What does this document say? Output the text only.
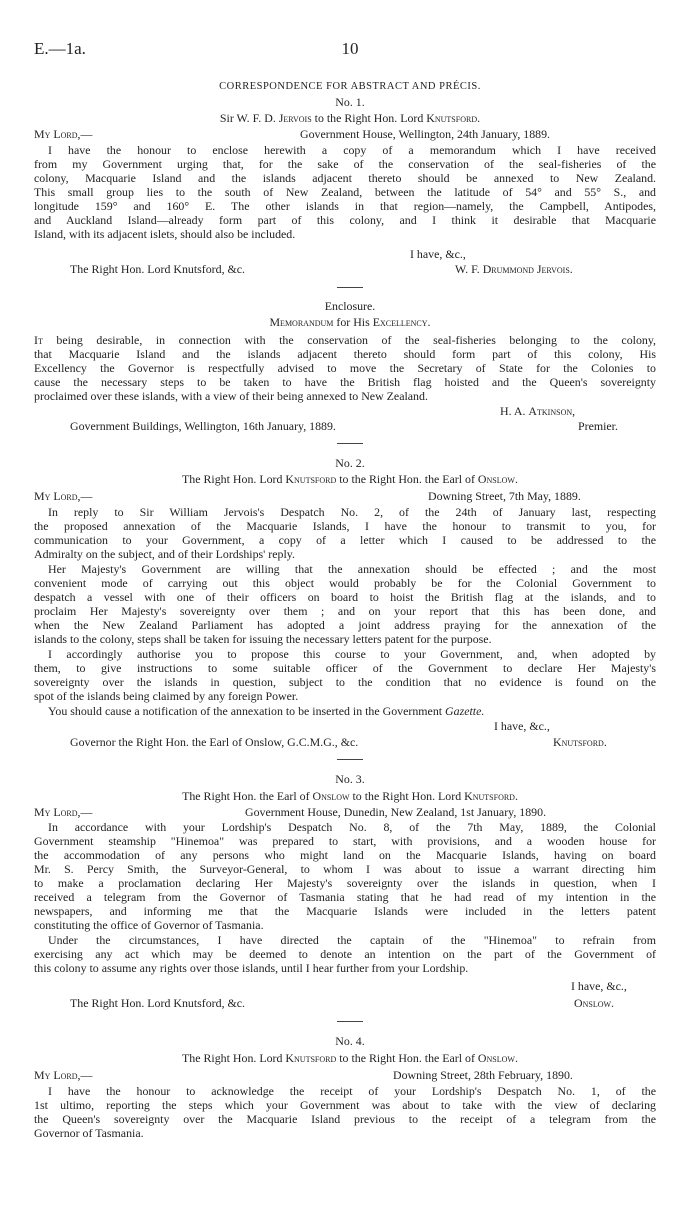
E.—1a.	10
CORRESPONDENCE FOR ABSTRACT AND PRÉCIS.
No. 1.
Sir W. F. D. Jervois to the Right Hon. Lord Knutsford.
My Lord,—	Government House, Wellington, 24th January, 1889.
I have the honour to enclose herewith a copy of a memorandum which I have received
from my Government urging that, for the sake of the conservation of the seal-fisheries of the
colony, Macquarie Island and the islands adjacent thereto should be annexed to New Zealand.
This small group lies to the south of New Zealand, between the latitude of 54° and 55° S., and
longitude 159° and 160° E. The other islands in that region—namely, the Campbell, Antipodes,
and Auckland Island—already form part of this colony, and I think it desirable that Macquarie
Island, with its adjacent islets, should also be included.
I have, &c.,
The Right Hon. Lord Knutsford, &c.	W. F. Drummond Jervois.
Enclosure.
Memorandum for His Excellency.
It being desirable, in connection with the conservation of the seal-fisheries belonging to the colony,
that Macquarie Island and the islands adjacent thereto should form part of this colony, His
Excellency the Governor is respectfully advised to move the Secretary of State for the Colonies to
cause the necessary steps to be taken to have the British flag hoisted and the Queen's sovereignty
proclaimed over these islands, with a view of their being annexed to New Zealand.
H. A. Atkinson,
Government Buildings, Wellington, 16th January, 1889.	Premier.
No. 2.
The Right Hon. Lord Knutsford to the Right Hon. the Earl of Onslow.
My Lord,—	Downing Street, 7th May, 1889.
In reply to Sir William Jervois's Despatch No. 2, of the 24th of January last, respecting
the proposed annexation of the Macquarie Islands, I have the honour to transmit to you, for
communication to your Government, a copy of a letter which I caused to be addressed to the
Admiralty on the subject, and of their Lordships' reply.
Her Majesty's Government are willing that the annexation should be effected ; and the most
convenient mode of carrying out this object would probably be for the Colonial Government to
despatch a vessel with one of their officers on board to hoist the British flag at the islands, and to
proclaim Her Majesty's sovereignty over them ; and on your report that this has been done, and
when the New Zealand Parliament has adopted a joint address praying for the annexation of the
islands to the colony, steps shall be taken for issuing the necessary letters patent for the purpose.
I accordingly authorise you to propose this course to your Government, and, when adopted by
them, to give instructions to some suitable officer of the Government to declare Her Majesty's
sovereignty over the islands in question, subject to the condition that no evidence is found on the
spot of the islands being claimed by any foreign Power.
You should cause a notification of the annexation to be inserted in the Government Gazette.
I have, &c.,
Governor the Right Hon. the Earl of Onslow, G.C.M.G., &c.	Knutsford.
No. 3.
The Right Hon. the Earl of Onslow to the Right Hon. Lord Knutsford.
My Lord,—	Government House, Dunedin, New Zealand, 1st January, 1890.
In accordance with your Lordship's Despatch No. 8, of the 7th May, 1889, the Colonial
Government steamship "Hinemoa" was prepared to start, with provisions, and a wooden house for
the accommodation of any persons who might land on the Macquarie Islands, having on board
Mr. S. Percy Smith, the Surveyor-General, to whom I was about to issue a warrant directing him
to make a proclamation declaring Her Majesty's sovereignty over the islands in question, when I
received a telegram from the Governor of Tasmania stating that he had read of my intention in the
newspapers, and informing me that the Macquarie Islands were included in the letters patent
constituting the office of Governor of Tasmania.
Under the circumstances, I have directed the captain of the "Hinemoa" to refrain from
exercising any act which may be deemed to denote an intention on the part of the Government of
this colony to assume any rights over those islands, until I hear further from your Lordship.
I have, &c.,
The Right Hon. Lord Knutsford, &c.	Onslow.
No. 4.
The Right Hon. Lord Knutsford to the Right Hon. the Earl of Onslow.
My Lord,—	Downing Street, 28th February, 1890.
I have the honour to acknowledge the receipt of your Lordship's Despatch No. 1, of the
1st ultimo, reporting the steps which your Government was about to take with the view of declaring
the Queen's sovereignty over the Macquarie Island previous to the receipt of a telegram from the
Governor of Tasmania.
